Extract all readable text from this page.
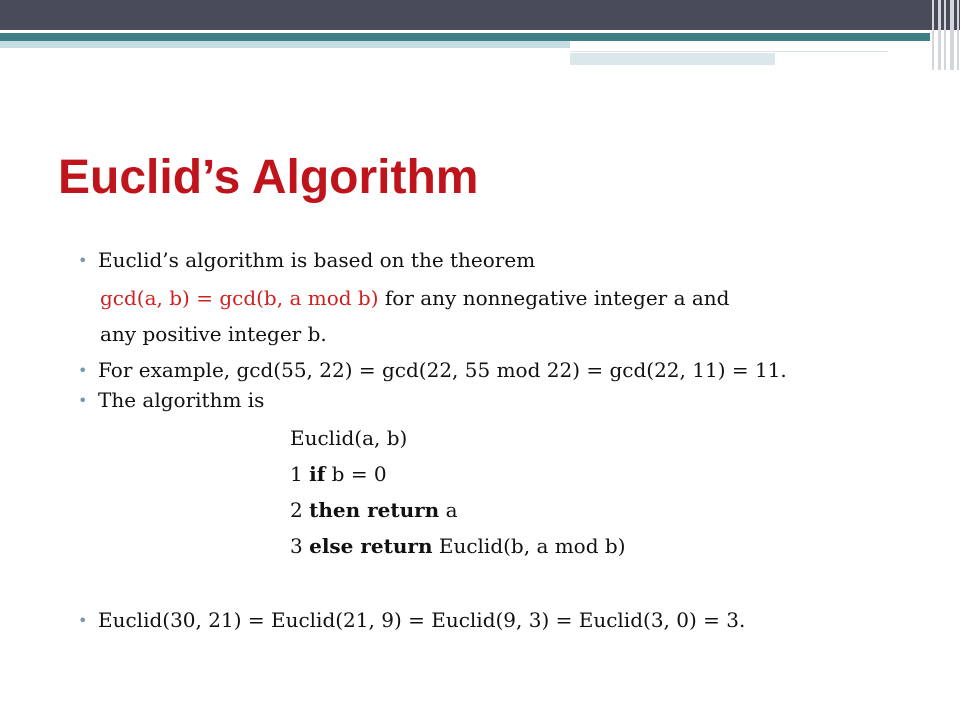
Euclid’s Algorithm
• Euclid’s algorithm is based on the theorem
gcd(a, b) = gcd(b, a mod b) for any nonnegative integer a and
any positive integer b.
• For example, gcd(55, 22) = gcd(22, 55 mod 22) = gcd(22, 11) = 11.
• The algorithm is
Euclid(a, b)
1 if b = 0
2 then return a
3 else return Euclid(b, a mod b)
• Euclid(30, 21) = Euclid(21, 9) = Euclid(9, 3) = Euclid(3, 0) = 3.
